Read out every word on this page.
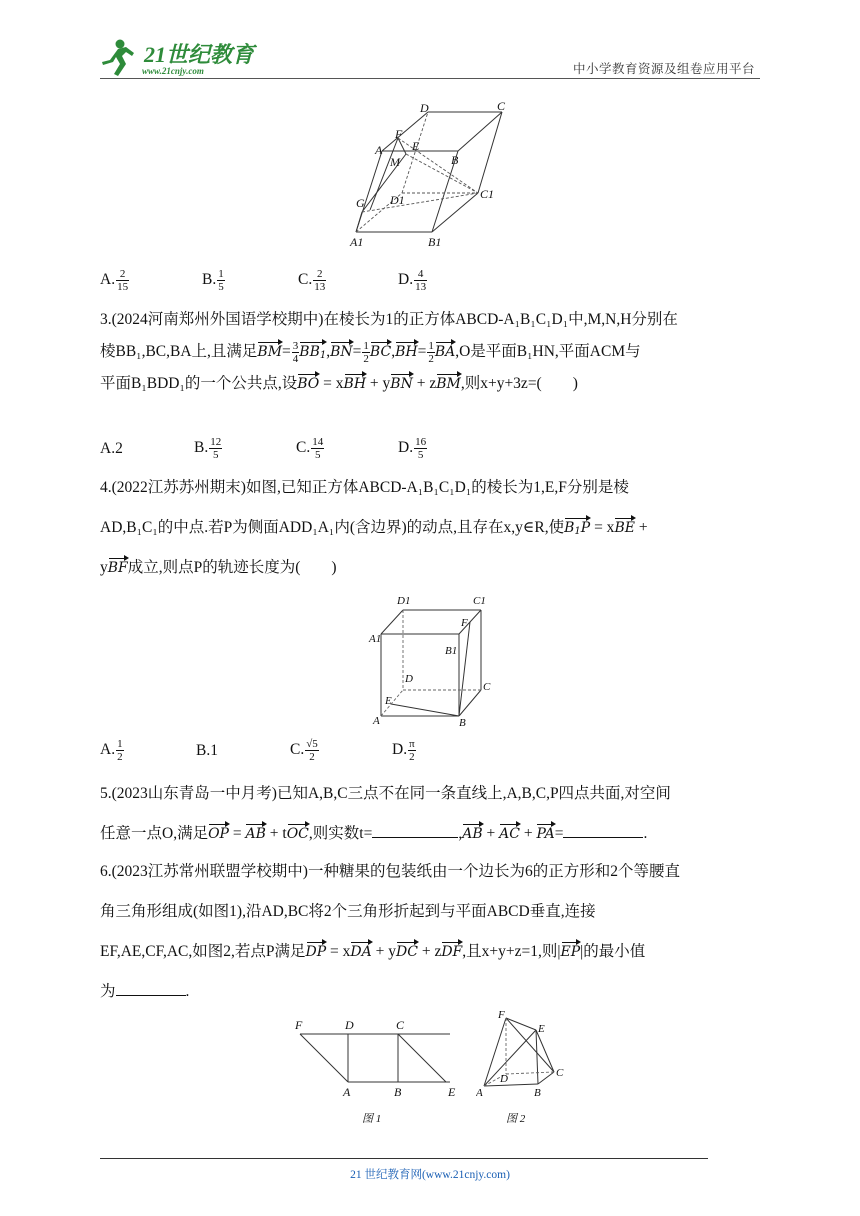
21世纪教育
www.21cnjy.com	中小学教育资源及组卷应用平台
D	C
A
F
E
B
M
D1	C1
G
A1	B1
A. $\frac{2}{15}$	B. $\frac{1}{5}$	C. $\frac{2}{13}$	D. $\frac{4}{13}$
3.(2024河南郑州外国语学校期中)在棱长为1的正方体ABCD-A₁B₁C₁D₁中,M,N,H分别在
棱BB₁,BC,BA上,且满足$BM= \frac{3}{4} BB_1,BN= \frac{1}{2} BC,BH= \frac{1}{2} BA,O$是平面B₁HN,平面ACM与
平面B₁BDD₁的一个公共点,设BO = xBH + yBN + zBM,则x+y+3z=(　　)
A.2	B. $\frac{12}{5}$	C. $\frac{14}{5}$	D. $\frac{16}{5}$
4.(2022江苏苏州期末)如图,已知正方体ABCD-A₁B₁C₁D₁的棱长为1,E,F分别是棱
AD,B₁C₁的中点.若P为侧面ADD₁A₁内(含边界)的动点,且存在x,y∈R,使$B_1P$ = xBE +
yBF成立,则点P的轨迹长度为(　　)
D1	C1
A1
F
B1
D
C
E
A	B
A. $\frac{1}{2}$	B.1	C. $\frac{√5}{2}$	D. $\frac{\pi}{2}$
5.(2023山东青岛一中月考)已知A,B,C三点不在同一条直线上,A,B,C,P四点共面,对空间
任意一点O,满足OP = AB + tOC,则实数t=	,AB + AC + PA=	.
6.(2023江苏常州联盟学校期中)一种糖果的包装纸由一个边长为6的正方形和2个等腰直
角三角形组成(如图1),沿AD,BC将2个三角形折起到与平面ABCD垂直,连接
EF,AE,CF,AC,如图2,若点P满足DP = xDA + yDC + zDF,且x+y+z=1,则|EP|的最小值
为	.
F	D	C
A	B	E
图 1
F
E
D	C
A	B
图 2
21 世纪教育网(www.21cnjy.com)
